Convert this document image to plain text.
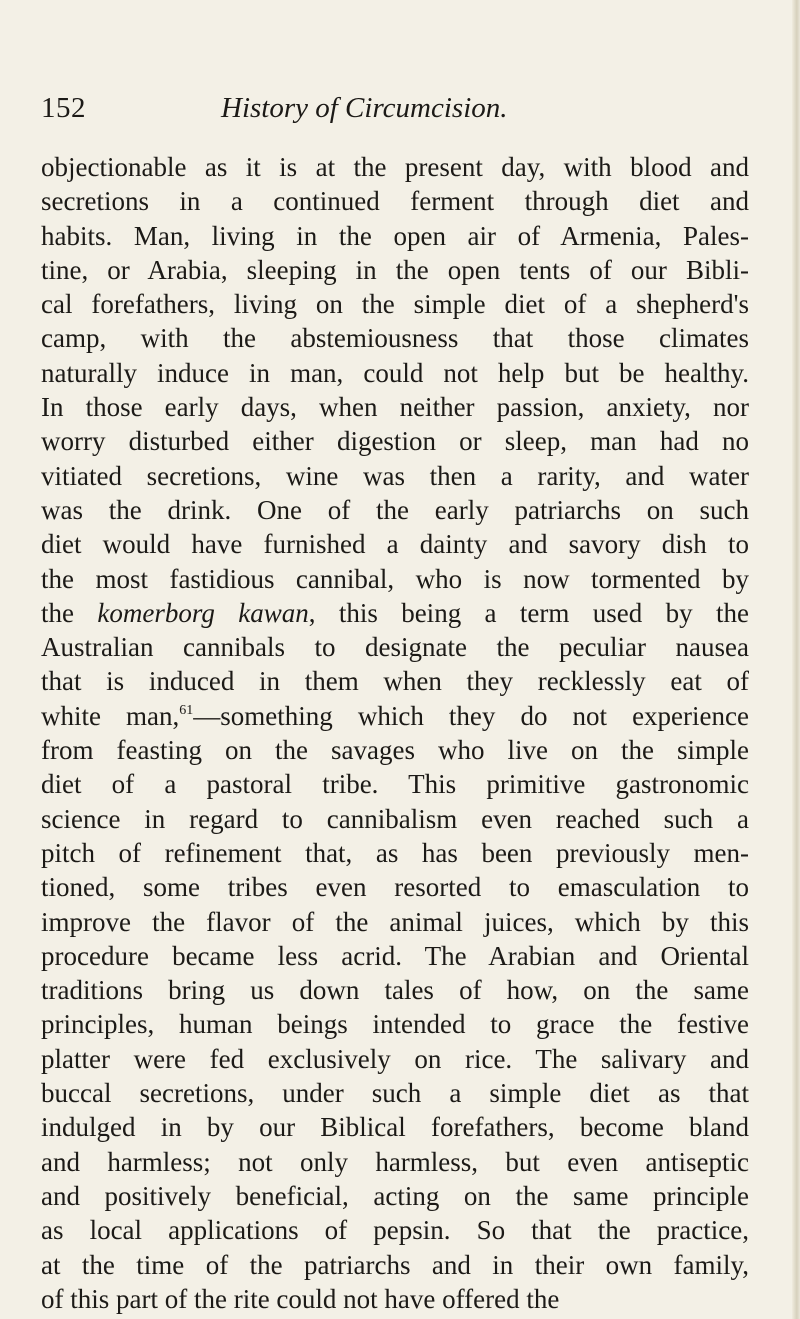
152	History of Circumcision.
objectionable as it is at the present day, with blood and
secretions in a continued ferment through diet and
habits. Man, living in the open air of Armenia, Pales-
tine, or Arabia, sleeping in the open tents of our Bibli-
cal forefathers, living on the simple diet of a shepherd's
camp, with the abstemiousness that those climates
naturally induce in man, could not help but be healthy.
In those early days, when neither passion, anxiety, nor
worry disturbed either digestion or sleep, man had no
vitiated secretions, wine was then a rarity, and water
was the drink. One of the early patriarchs on such
diet would have furnished a dainty and savory dish to
the most fastidious cannibal, who is now tormented by
the komerborg kawan, this being a term used by the
Australian cannibals to designate the peculiar nausea
that is induced in them when they recklessly eat of
white man,$^{61}$—something which they do not experience
from feasting on the savages who live on the simple
diet of a pastoral tribe. This primitive gastronomic
science in regard to cannibalism even reached such a
pitch of refinement that, as has been previously men-
tioned, some tribes even resorted to emasculation to
improve the flavor of the animal juices, which by this
procedure became less acrid. The Arabian and Oriental
traditions bring us down tales of how, on the same
principles, human beings intended to grace the festive
platter were fed exclusively on rice. The salivary and
buccal secretions, under such a simple diet as that
indulged in by our Biblical forefathers, become bland
and harmless; not only harmless, but even antiseptic
and positively beneficial, acting on the same principle
as local applications of pepsin. So that the practice,
at the time of the patriarchs and in their own family,
of this part of the rite could not have offered the
